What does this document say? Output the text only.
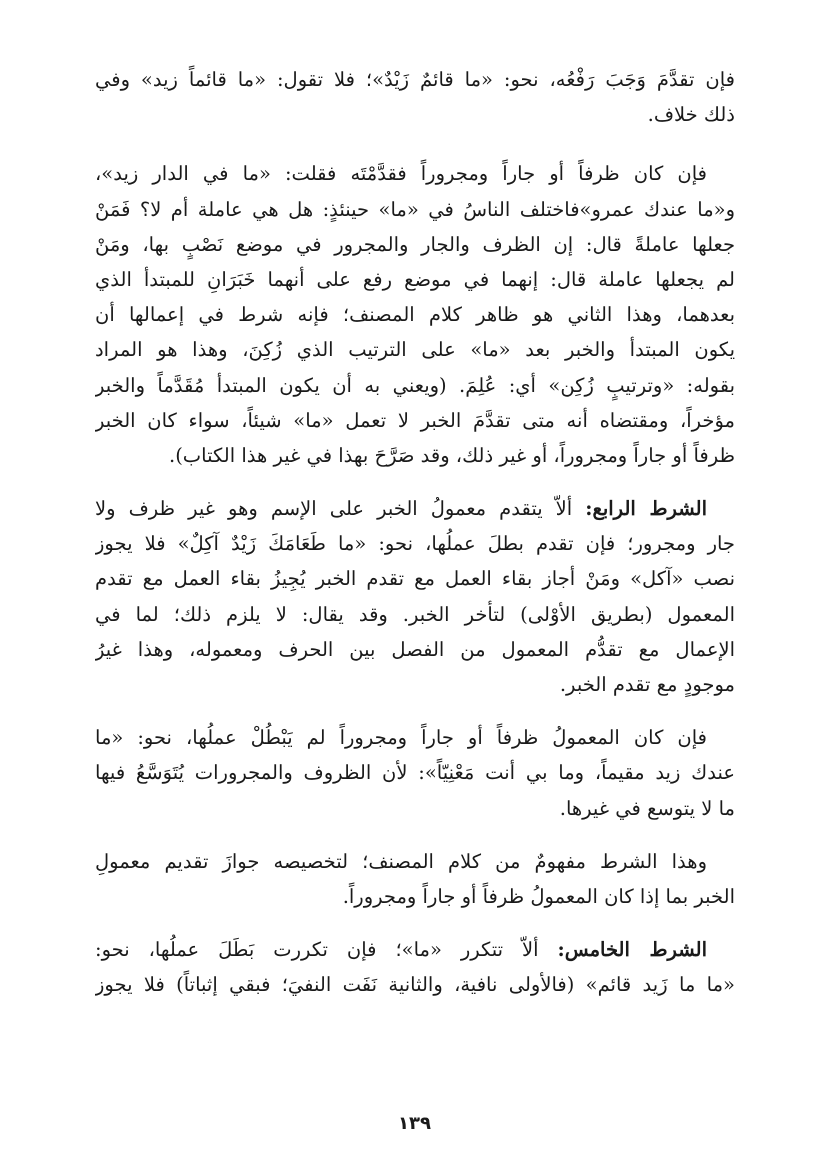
فإن تقدَّمَ وَجَبَ رَفْعُه، نحو: «ما قائمٌ زَيْدٌ»؛ فلا تقول: «ما قائماً زيد» وفي
ذلك خلاف.
فإن كان ظرفاً أو جاراً ومجروراً فقدَّمْتَه فقلت: «ما في الدار زيد»،
و«ما عندك عمرو»فاختلف الناسُ في «ما» حينئذٍ: هل هي عاملة أم لا؟ فَمَنْ
جعلها عاملةً قال: إن الظرف والجار والمجرور في موضع نَصْبٍ بها، ومَنْ
لم يجعلها عاملة قال: إنهما في موضع رفع على أنهما خَبَرَانِ للمبتدأ الذي
بعدهما، وهذا الثاني هو ظاهر كلام المصنف؛ فإنه شرط في إعمالها أن
يكون المبتدأ والخبر بعد «ما» على الترتيب الذي زُكِنَ، وهذا هو المراد
بقوله: «وترتيبٍ زُكِن» أي: عُلِمَ. (ويعني به أن يكون المبتدأ مُقَدَّماً والخبر
مؤخراً، ومقتضاه أنه متى تقدَّمَ الخبر لا تعمل «ما» شيئاً، سواء كان الخبر
ظرفاً أو جاراً ومجروراً، أو غير ذلك، وقد صَرَّحَ بهذا في غير هذا الكتاب).
الشرط الرابع: ألاّ يتقدم معمولُ الخبر على الإسم وهو غير ظرف ولا
جار ومجرور؛ فإن تقدم بطلَ عملُها، نحو: «ما طَعَامَكَ زَيْدٌ آكِلٌ» فلا يجوز
نصب «آكل» ومَنْ أجاز بقاء العمل مع تقدم الخبر يُجِيزُ بقاء العمل مع تقدم
المعمول (بطريق الأوْلى) لتأخر الخبر. وقد يقال: لا يلزم ذلك؛ لما في
الإعمال مع تقدُّم المعمول من الفصل بين الحرف ومعموله، وهذا غيرُ
موجودٍ مع تقدم الخبر.
فإن كان المعمولُ ظرفاً أو جاراً ومجروراً لم يَبْطُلْ عملُها، نحو: «ما
عندك زيد مقيماً، وما بي أنت مَعْنِيّاً»: لأن الظروف والمجرورات يُتَوَسَّعُ فيها
ما لا يتوسع في غيرها.
وهذا الشرط مفهومٌ من كلام المصنف؛ لتخصيصه جوازَ تقديم معمولِ
الخبر بما إذا كان المعمولُ ظرفاً أو جاراً ومجروراً.
الشرط الخامس: ألاّ تتكرر «ما»؛ فإن تكررت بَطَلَ عملُها، نحو:
«ما ما زَيد قائم» (فالأولى نافية، والثانية نَفَت النفيَ؛ فبقي إثباتاً) فلا يجوز
١٣٩
